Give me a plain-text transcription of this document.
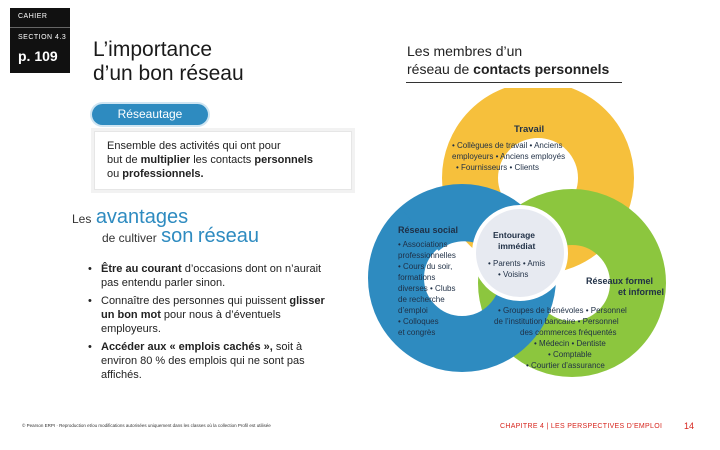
CAHIER
SECTION 4.3
p. 109 L’importance
d’un bon réseau
Les membres d’un
réseau de contacts personnels
Réseautage
Ensemble des activités qui ont pour
but de multiplier les contacts personnels
ou professionnels.
Les avantages
de cultiver son réseau
• Être au courant d’occasions dont on n’aurait pas entendu parler sinon.
• Connaître des personnes qui puissent glisser un bon mot pour nous à d’éventuels employeurs.
• Accéder aux « emplois cachés », soit à environ 80 % des emplois qui ne sont pas affichés.
Travail
• Collègues de travail • Anciens
employeurs • Anciens employés
• Fournisseurs • Clients
Réseau social
• Associations
professionnelles
• Cours du soir,
formations
diverses • Clubs
de recherche
d’emploi
• Colloques
et congrès
Entourage
immédiat
• Parents • Amis
• Voisins
Réseaux formel
et informel
• Groupes de bénévoles • Personnel
de l’institution bancaire • Personnel
des commerces fréquentés
• Médecin • Dentiste
• Comptable
• Courtier d’assurance
© Pearson ERPI · Reproduction et/ou modifications autorisées uniquement dans les classes où la collection Profil est utilisée	CHAPITRE 4 | LES PERSPECTIVES D’EMPLOI 14
